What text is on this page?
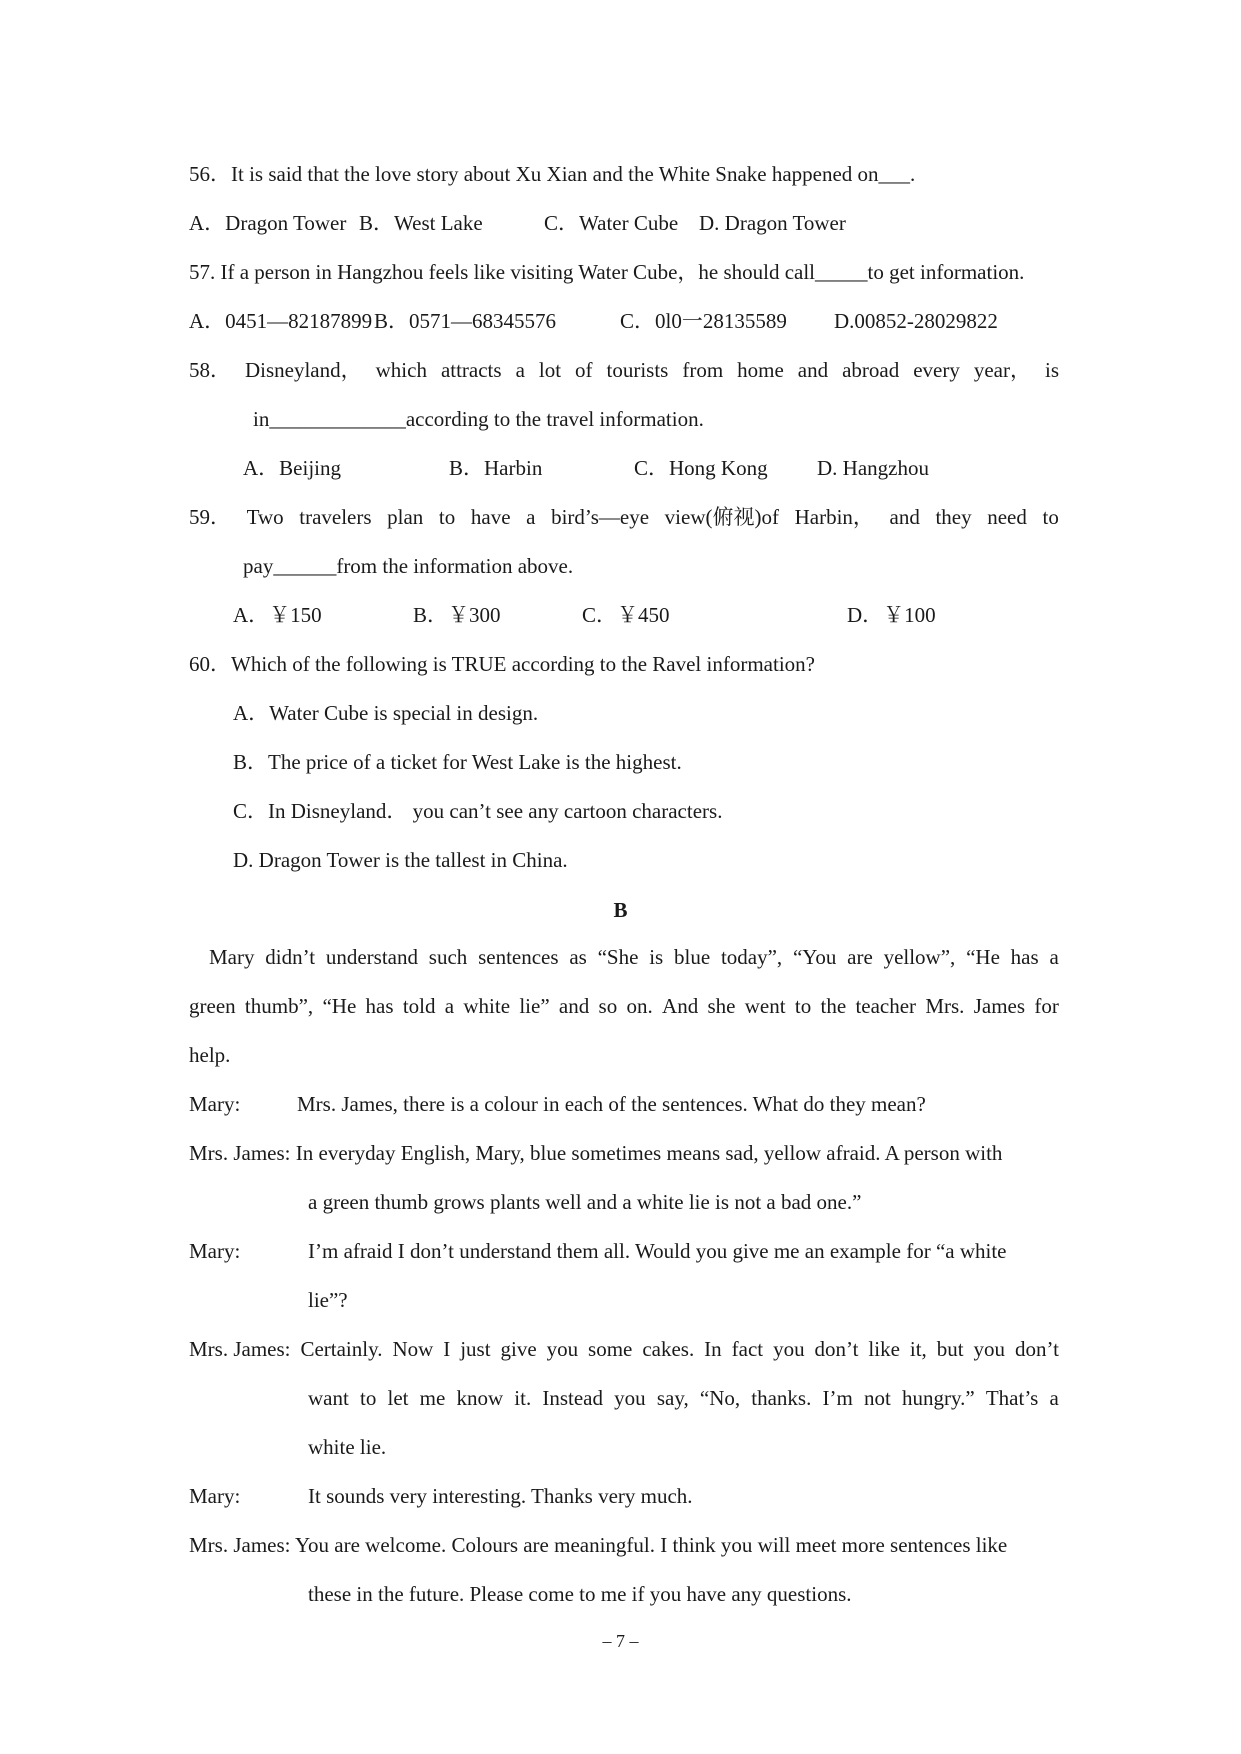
56．It is said that the love story about Xu Xian and the White Snake happened on___.
A．Dragon Tower B．West Lake	C．Water Cube D. Dragon Tower
57. If a person in Hangzhou feels like visiting Water Cube，he should call_____to get information.
A．0451—82187899B．0571—68345576	C．0l0一28135589 D.00852-28029822
58． Disneyland， which attracts a lot of tourists from home and abroad every year， is
in_____________according to the travel information.
A．Beijing	B．Harbin	C．Hong Kong D. Hangzhou
59． Two travelers plan to have a bird’s—eye view(俯视)of Harbin， and they need to
pay______from the information above.
A．￥150	B．￥300	C．￥450	D．￥100
60．Which of the following is TRUE according to the Ravel information?
A．Water Cube is special in design.
B．The price of a ticket for West Lake is the highest.
C．In Disneyland． you can’t see any cartoon characters.
D. Dragon Tower is the tallest in China.
B
Mary didn’t understand such sentences as “She is blue today”, “You are yellow”, “He has a
green thumb”, “He has told a white lie” and so on. And she went to the teacher Mrs. James for
help.
Mary:	Mrs. James, there is a colour in each of the sentences. What do they mean?
Mrs. James: In everyday English, Mary, blue sometimes means sad, yellow afraid. A person with
a green thumb grows plants well and a white lie is not a bad one.”
Mary:	I’m afraid I don’t understand them all. Would you give me an example for “a white
lie”?
Mrs. James: Certainly. Now I just give you some cakes. In fact you don’t like it, but you don’t
want to let me know it. Instead you say, “No, thanks. I’m not hungry.” That’s a
white lie.
Mary:	It sounds very interesting. Thanks very much.
Mrs. James: You are welcome. Colours are meaningful. I think you will meet more sentences like
these in the future. Please come to me if you have any questions.
– 7 –
